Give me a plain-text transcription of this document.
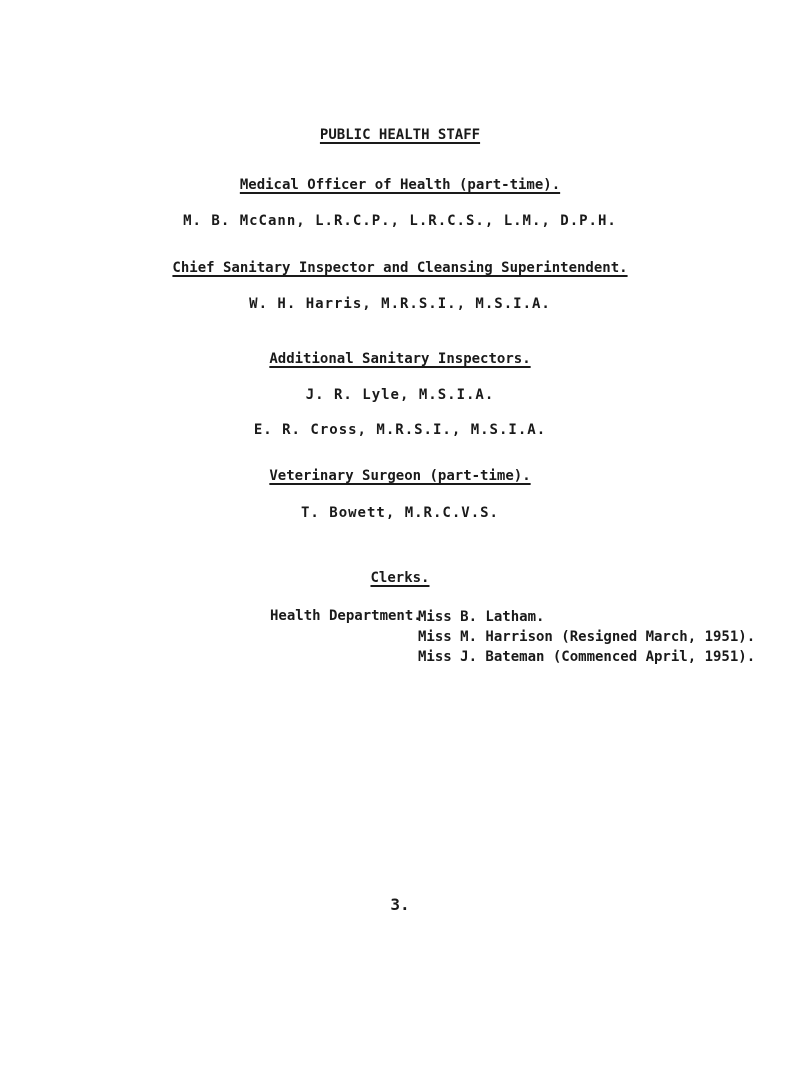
PUBLIC HEALTH STAFF
Medical Officer of Health (part-time).
M. B. McCann, L.R.C.P., L.R.C.S., L.M., D.P.H.
Chief Sanitary Inspector and Cleansing Superintendent.
W. H. Harris, M.R.S.I., M.S.I.A.
Additional Sanitary Inspectors.
J. R. Lyle, M.S.I.A.
E. R. Cross, M.R.S.I., M.S.I.A.
Veterinary Surgeon (part-time).
T. Bowett, M.R.C.V.S.
Clerks.
Health Department.
Miss B. Latham.
Miss M. Harrison (Resigned March, 1951).
Miss J. Bateman (Commenced April, 1951).
3.
